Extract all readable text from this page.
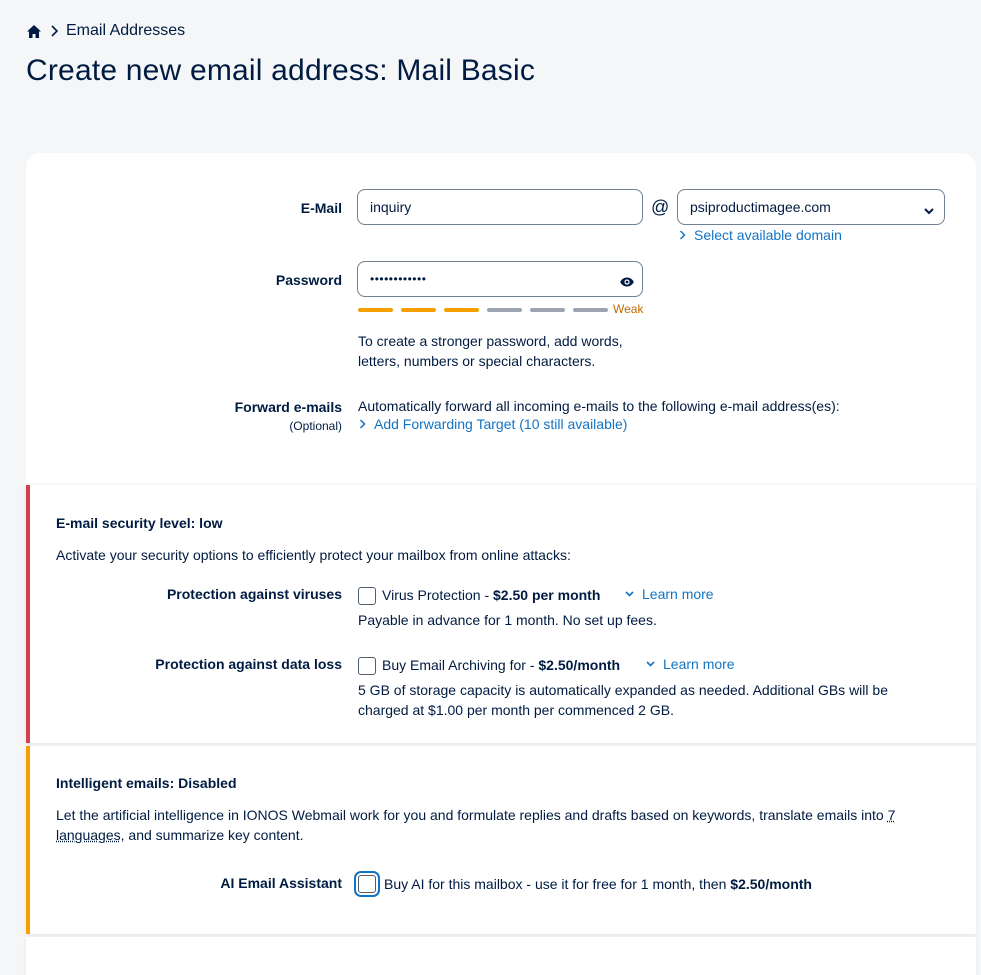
Email Addresses
Create new email address: Mail Basic
E-Mail inquiry	@ psiproductimagee.com
Select available domain
Password ••••••••••••
Weak
To create a stronger password, add words,
letters, numbers or special characters.
Forward e-mails
(Optional)
Automatically forward all incoming e-mails to the following e-mail address(es):
Add Forwarding Target (10 still available)
E-mail security level: low
Activate your security options to efficiently protect your mailbox from online attacks:
Protection against viruses	Virus Protection - $2.50 per month	Learn more
Payable in advance for 1 month. No set up fees.
Protection against data loss	Buy Email Archiving for - $2.50/month	Learn more
5 GB of storage capacity is automatically expanded as needed. Additional GBs will be
charged at $1.00 per month per commenced 2 GB.
Intelligent emails: Disabled
Let the artificial intelligence in IONOS Webmail work for you and formulate replies and drafts based on keywords, translate emails into 7 languages, and summarize key content.
AI Email Assistant	Buy AI for this mailbox - use it for free for 1 month, then $2.50/month
